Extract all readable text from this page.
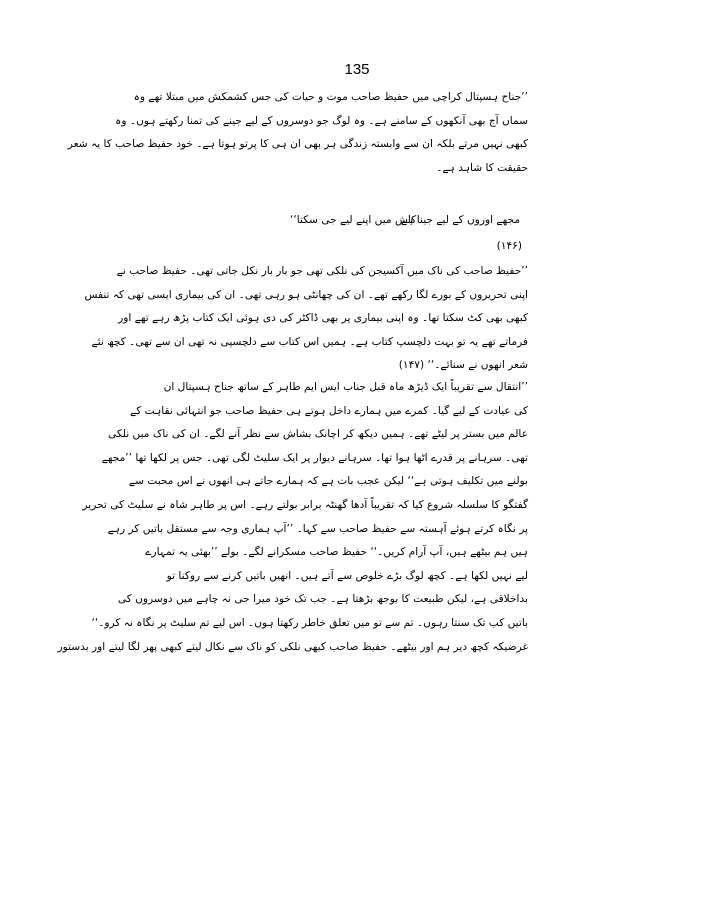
135
’’جناح ہسپتال کراچی میں حفیظ صاحب موت و حیات کی جس کشمکش میں مبتلا تھے وہ
سماں آج بھی آنکھوں کے سامنے ہے۔ وہ لوگ جو دوسروں کے لیے جینے کی تمنا رکھتے ہوں۔ وہ
کبھی نہیں مرتے بلکہ ان سے وابستہ زندگی ہر بھی ان ہی کا پرتو ہوتا ہے۔ خود حفیظ صاحب کا یہ شعر
حقیقت کا شاہد ہے۔
مجھے اوروں کے لیے جینا ہے
کاش میں اپنے لیے جی سکتا‘‘
(۱۴۶)
’’حفیظ صاحب کی ناک میں آکسیجن کی نلکی تھی جو بار بار نکل جاتی تھی۔ حفیظ صاحب نے
اپنی تحریروں کے بورے لگا رکھے تھے۔ ان کی چھانٹی ہو رہی تھی۔ ان کی بیماری ایسی تھی کہ تنفس
کبھی بھی کٹ سکتا تھا۔ وہ اپنی بیماری پر بھی ڈاکٹر کی دی ہوئی ایک کتاب پڑھ رہے تھے اور
فرماتے تھے یہ تو بہت دلچسپ کتاب ہے۔ ہمیں اس کتاب سے دلچسپی نہ تھی ان سے تھی۔ کچھ نئے
شعر انھوں نے سنائے۔‘‘ (۱۴۷)
’’انتقال سے تقریباً ایک ڈیڑھ ماہ قبل جناب ایس ایم طاہر کے ساتھ جناح ہسپتال ان
کی عیادت کے لیے گیا۔ کمرے میں ہمارے داخل ہوتے ہی حفیظ صاحب جو انتہائی نقاہت کے
عالم میں بستر پر لیٹے تھے۔ ہمیں دیکھ کر اچانک بشاش سے نظر آنے لگے۔ ان کی ناک میں نلکی
تھی۔ سرہانے پر قدرے اٹھا ہوا تھا۔ سرہانے دیوار پر ایک سلیٹ لگی تھی۔ جس پر لکھا تھا ’’مجھے
بولنے میں تکلیف ہوتی ہے‘‘ لیکن عجب بات ہے کہ ہمارے جاتے ہی انھوں نے اس محبت سے
گفتگو کا سلسلہ شروع کیا کہ تقریباً آدھا گھنٹہ برابر بولتے رہے۔ اس پر طاہر شاہ نے سلیٹ کی تحریر
پر نگاہ کرتے ہوئے آہستہ سے حفیظ صاحب سے کہا۔ ’’آپ ہماری وجہ سے مستقل باتیں کر رہے
ہیں ہم بیٹھے ہیں، آپ آرام کریں۔‘‘ حفیظ صاحب مسکرانے لگے۔ بولے ’’بھئی یہ تمہارے
لیے نہیں لکھا ہے۔ کچھ لوگ بڑے خلوص سے آتے ہیں۔ انھیں باتیں کرنے سے روکنا تو
بداخلاقی ہے، لیکن طبیعت کا بوجھ بڑھتا ہے۔ جب تک خود میرا جی نہ چاہے میں دوسروں کی
باتیں کب تک سنتا رہوں۔ تم سے تو میں تعلق خاطر رکھتا ہوں۔ اس لیے تم سلیٹ پر نگاہ نہ کرو۔‘‘
غرضیکہ کچھ دیر ہم اور بیٹھے۔ حفیظ صاحب کبھی نلکی کو ناک سے نکال لیتے کبھی پھر لگا لیتے اور بدستور
